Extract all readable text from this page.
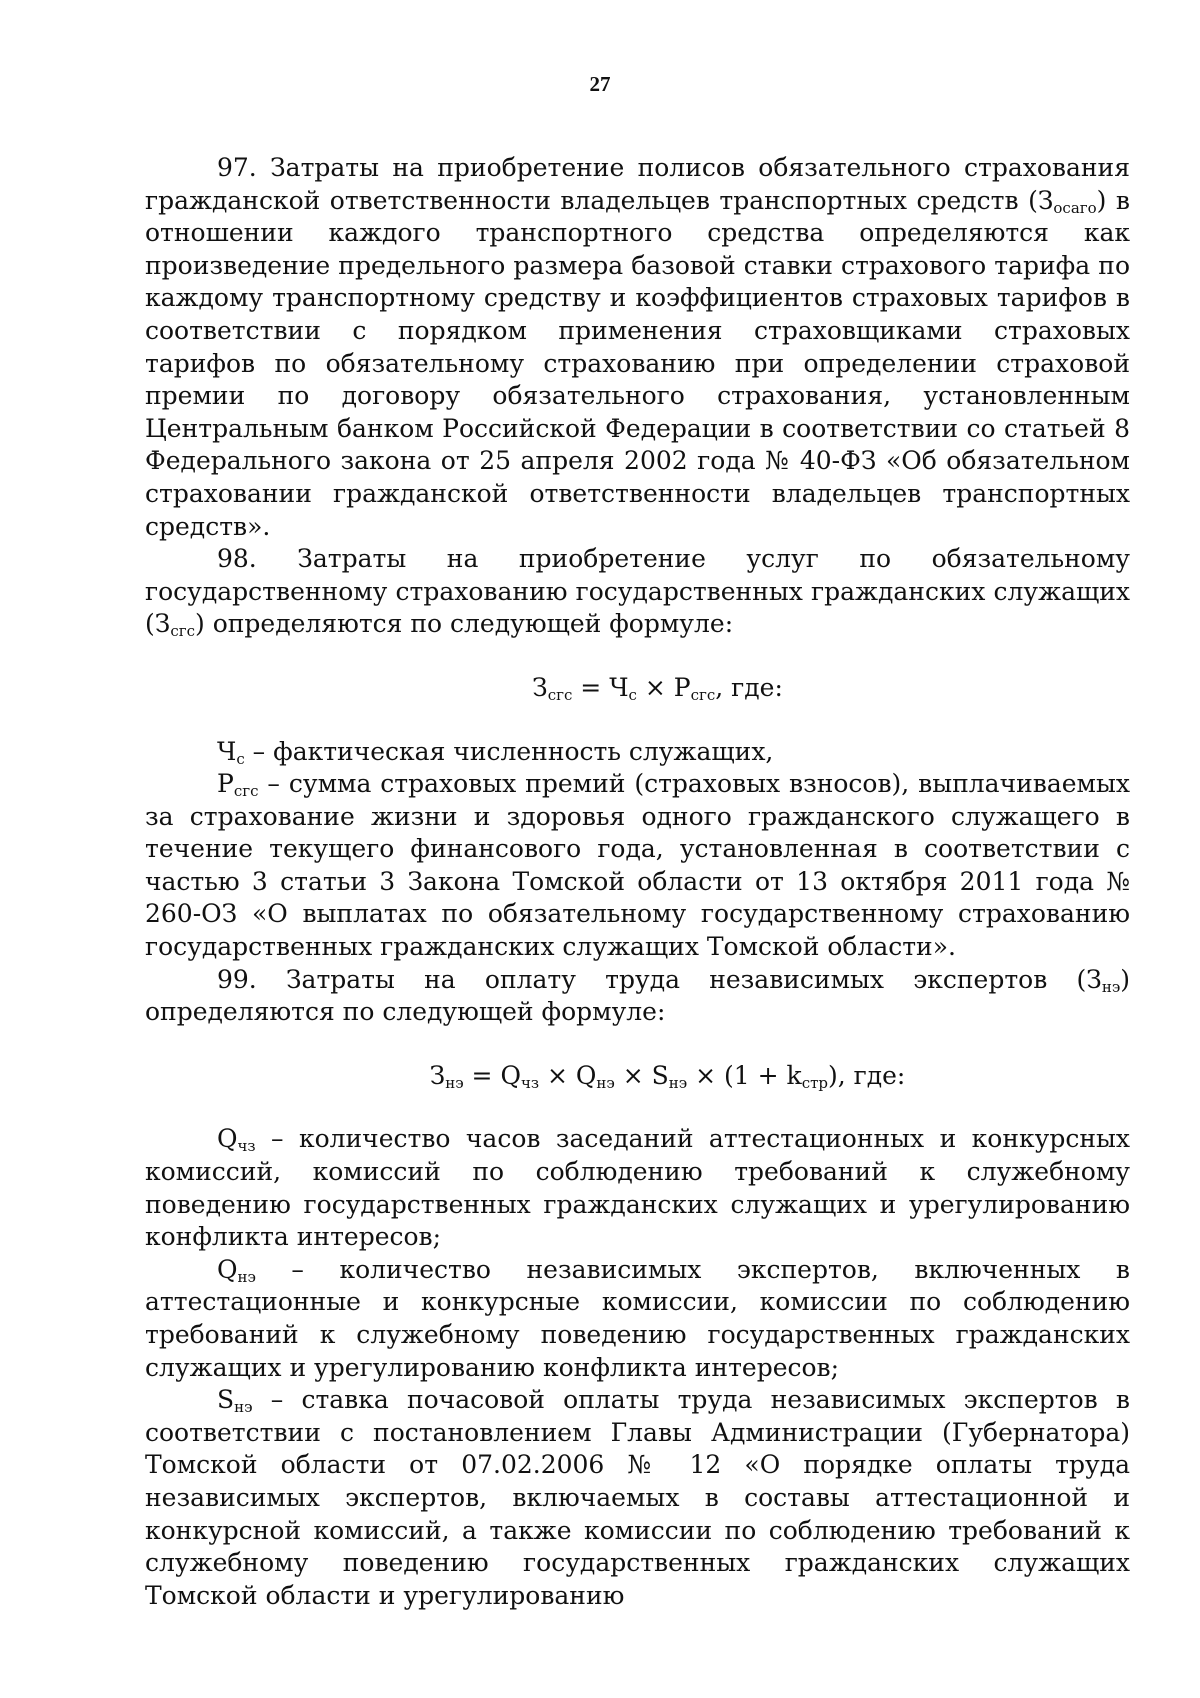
27

97. Затраты на приобретение полисов обязательного страхования гражданской ответственности владельцев транспортных средств $(З_{осаго})$ в отношении каждого транспортного средства определяются как произведение предельного размера базовой ставки страхового тарифа по каждому транспортному средству и коэффициентов страховых тарифов в соответствии с порядком применения страховщиками страховых тарифов по обязательному страхованию при определении страховой премии по договору обязательного страхования, установленным Центральным банком Российской Федерации в соответствии со статьей 8 Федерального закона от 25 апреля 2002 года № 40-ФЗ «Об обязательном страховании гражданской ответственности владельцев транспортных средств».

98. Затраты на приобретение услуг по обязательному государственному страхованию государственных гражданских служащих $(З_{сгс})$ определяются по следующей формуле:

$З_{сгс} = Ч_с \times Р_{сгс}$, где:

$Ч_с$ – фактическая численность служащих,

$Р_{сгс}$ – сумма страховых премий (страховых взносов), выплачиваемых за страхование жизни и здоровья одного гражданского служащего в течение текущего финансового года, установленная в соответствии с частью 3 статьи 3 Закона Томской области от 13 октября 2011 года № 260-ОЗ «О выплатах по обязательному государственному страхованию государственных гражданских служащих Томской области».

99. Затраты на оплату труда независимых экспертов $(З_{нэ})$ определяются по следующей формуле:

$З_{нэ} = Q_{чз} \times Q_{нэ} \times S_{нэ} \times (1 + k_{стр})$, где:

$Q_{чз}$ – количество часов заседаний аттестационных и конкурсных комиссий, комиссий по соблюдению требований к служебному поведению государственных гражданских служащих и урегулированию конфликта интересов;

$Q_{нэ}$ – количество независимых экспертов, включенных в аттестационные и конкурсные комиссии, комиссии по соблюдению требований к служебному поведению государственных гражданских служащих и урегулированию конфликта интересов;

$S_{нэ}$ – ставка почасовой оплаты труда независимых экспертов в соответствии с постановлением Главы Администрации (Губернатора) Томской области от 07.02.2006 № 12 «О порядке оплаты труда независимых экспертов, включаемых в составы аттестационной и конкурсной комиссий, а также комиссии по соблюдению требований к служебному поведению государственных гражданских служащих Томской области и урегулированию
